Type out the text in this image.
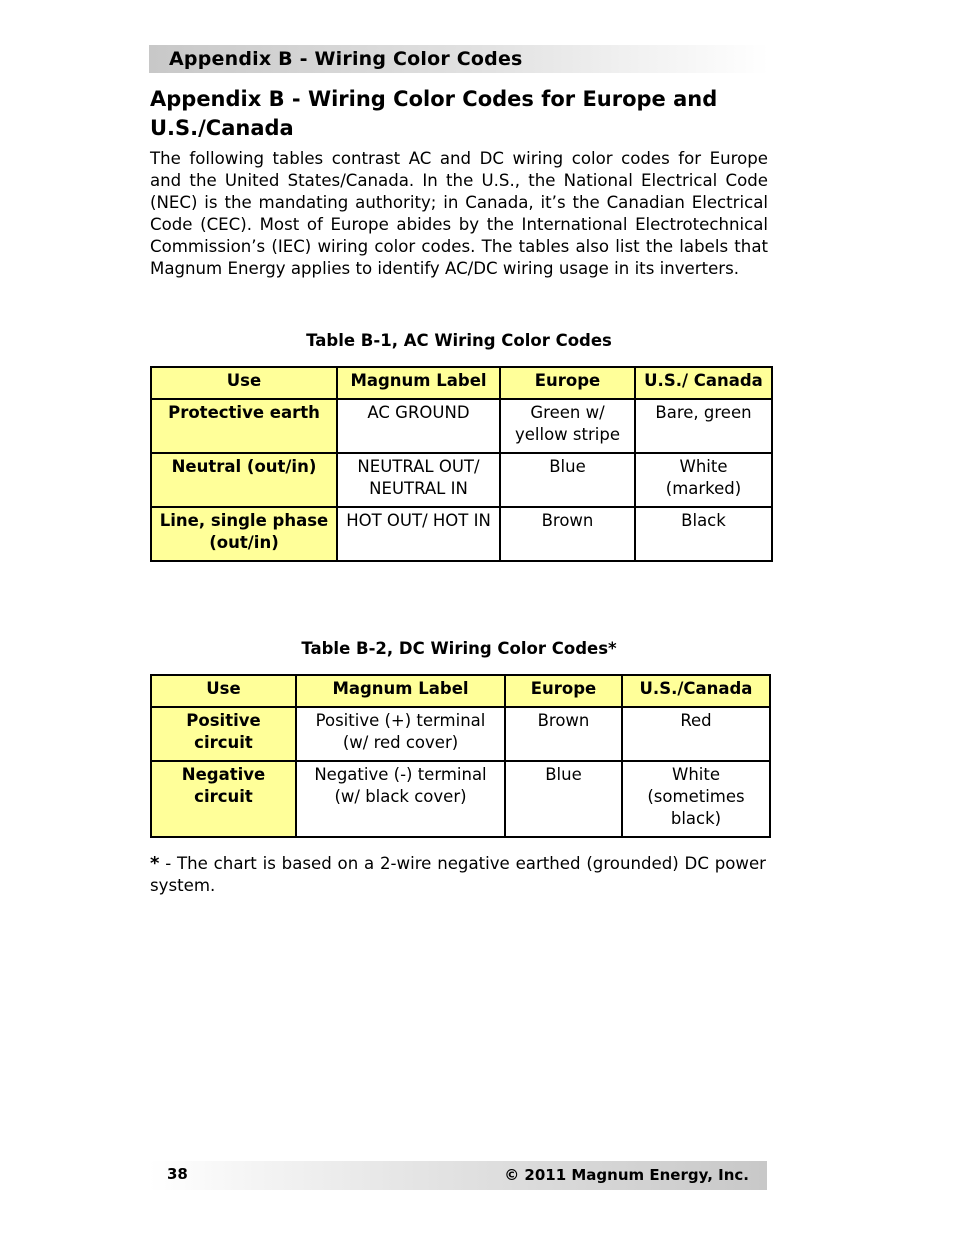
Appendix B - Wiring Color Codes
Appendix B - Wiring Color Codes for Europe and U.S./Canada

The following tables contrast AC and DC wiring color codes for Europe and the United States/Canada. In the U.S., the National Electrical Code (NEC) is the mandating authority; in Canada, it’s the Canadian Electrical Code (CEC). Most of Europe abides by the International Electrotechnical Commission’s (IEC) wiring color codes. The tables also list the labels that Magnum Energy applies to identify AC/DC wiring usage in its inverters.

Table B-1, AC Wiring Color Codes
Use	Magnum Label	Europe	U.S./ Canada
Protective earth	AC GROUND	Green w/ yellow stripe	Bare, green
Neutral (out/in)	NEUTRAL OUT/ NEUTRAL IN	Blue	White (marked)
Line, single phase (out/in)	HOT OUT/ HOT IN	Brown	Black
Table B-2, DC Wiring Color Codes*
Use	Magnum Label	Europe	U.S./Canada
Positive circuit	Positive (+) terminal (w/ red cover)	Brown	Red
Negative circuit	Negative (-) terminal (w/ black cover)	Blue	White (sometimes black)

* - The chart is based on a 2-wire negative earthed (grounded) DC power system.

38	© 2011 Magnum Energy, Inc.
